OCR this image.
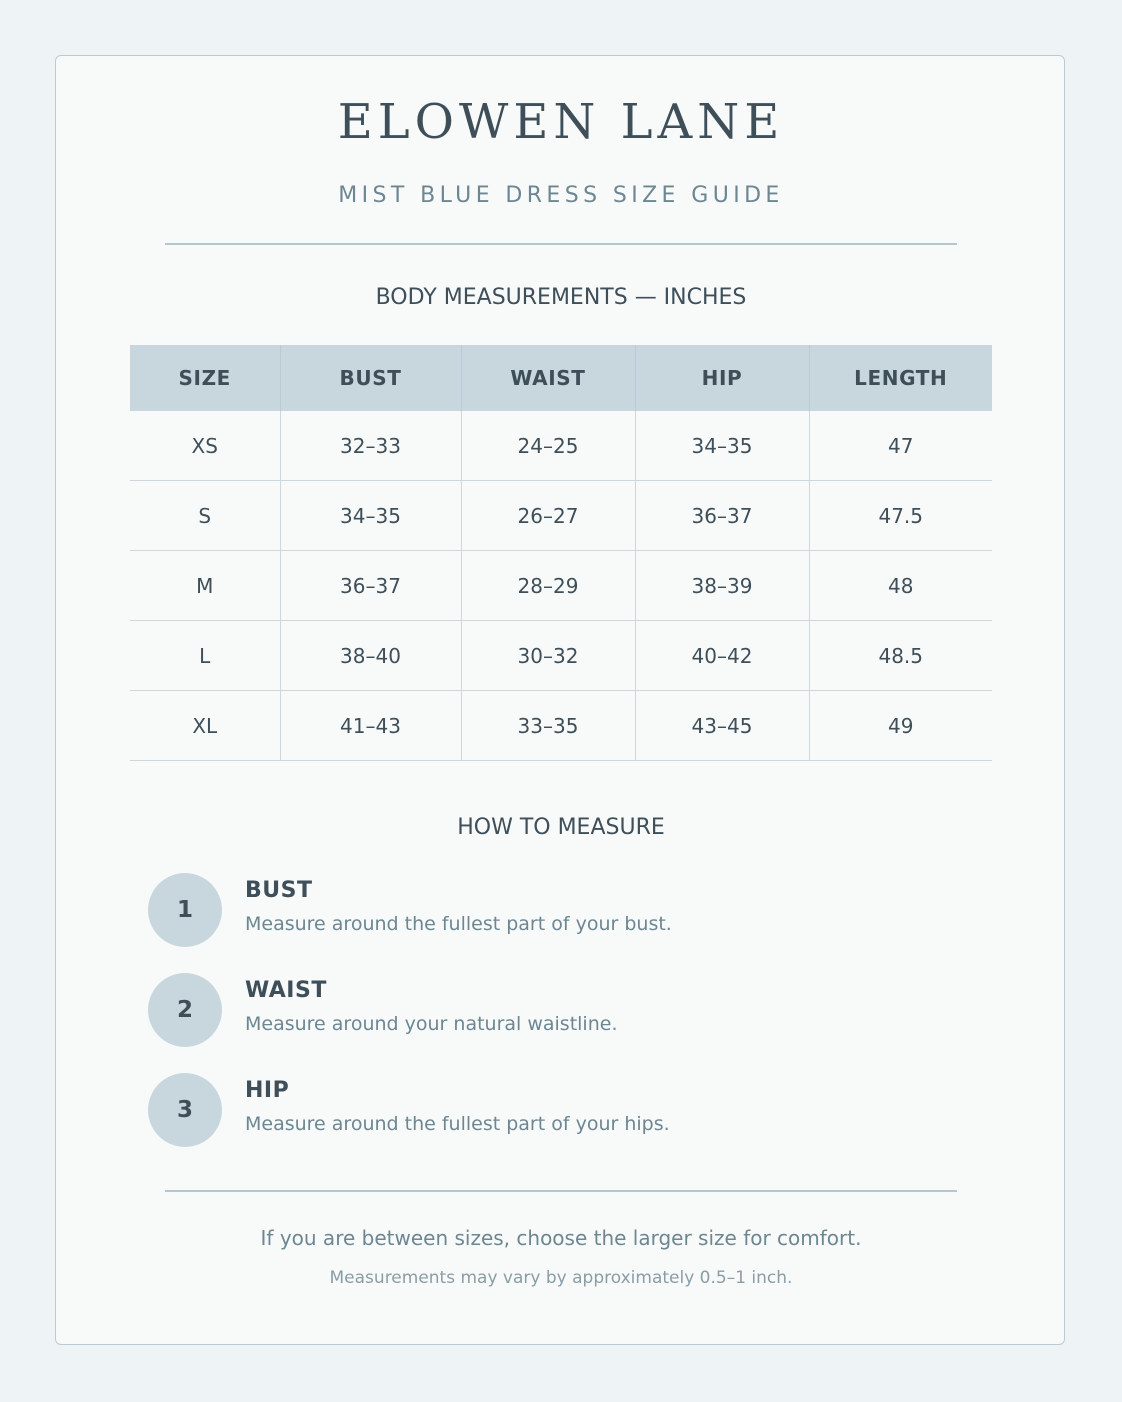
ELOWEN LANE
MIST BLUE DRESS SIZE GUIDE
BODY MEASUREMENTS — INCHES
SIZE	BUST	WAIST	HIP	LENGTH
XS	32–33	24–25	34–35	47
S	34–35	26–27	36–37	47.5
M	36–37	28–29	38–39	48
L	38–40	30–32	40–42	48.5
XL	41–43	33–35	43–45	49
HOW TO MEASURE
1
BUST
Measure around the fullest part of your bust.
2
WAIST
Measure around your natural waistline.
3
HIP
Measure around the fullest part of your hips.
If you are between sizes, choose the larger size for comfort.
Measurements may vary by approximately 0.5–1 inch.
